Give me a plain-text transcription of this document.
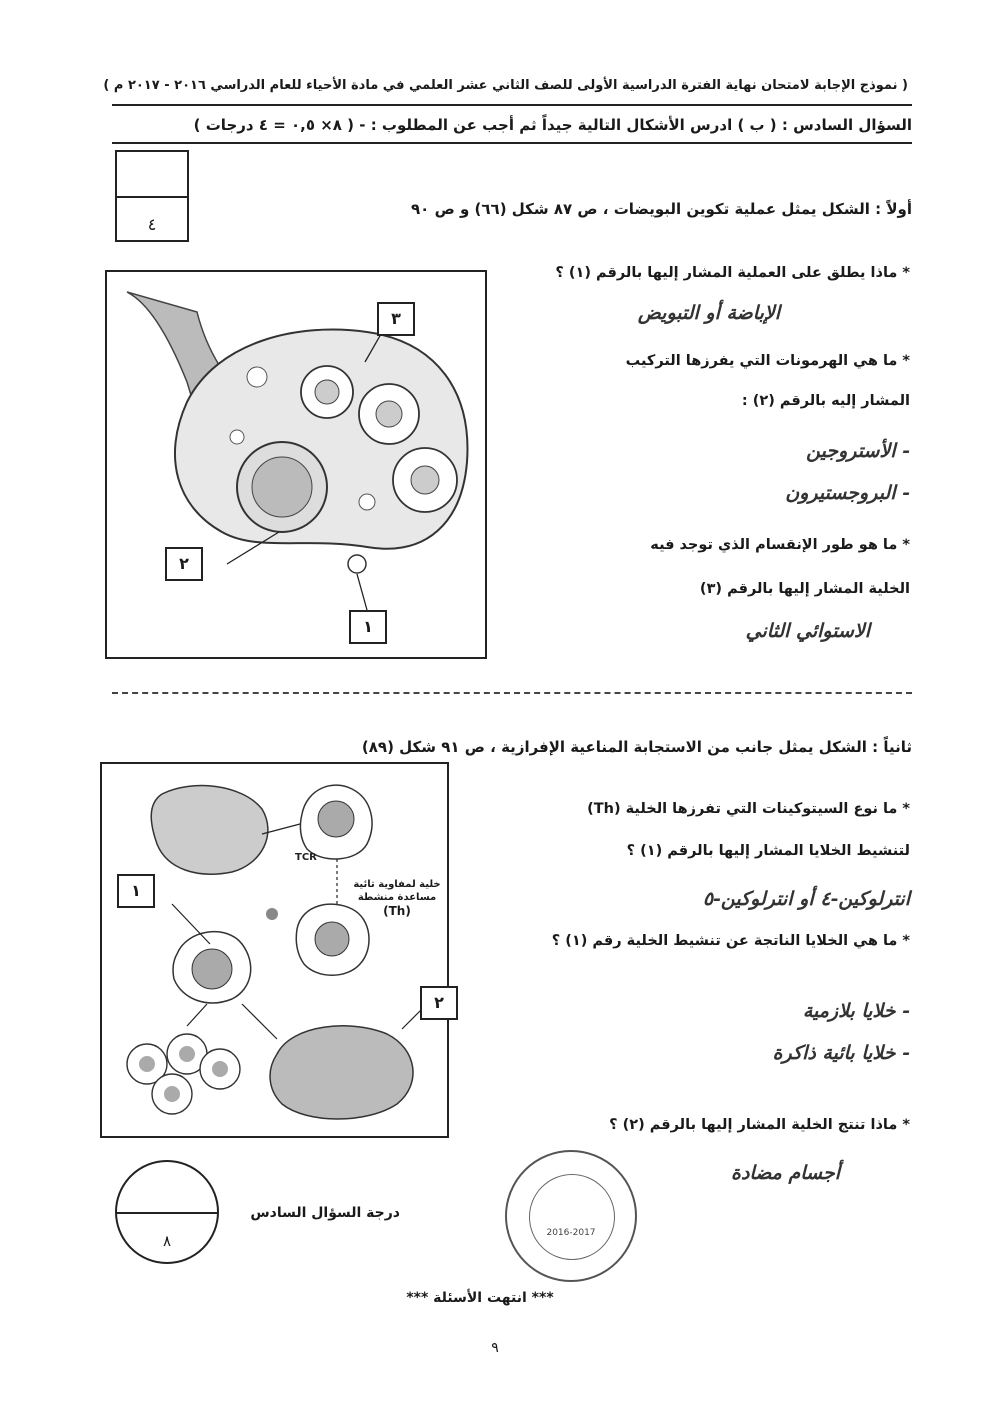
( نموذج الإجابة لامتحان نهاية الفترة الدراسية الأولى للصف الثاني عشر العلمي في مادة الأحياء للعام الدراسي ٢٠١٦ - ٢٠١٧ م )
السؤال السادس : ( ب ) ادرس الأشكال التالية جيداً ثم أجب عن المطلوب : - ( ٨× ٠,٥ = ٤ درجات )
٤
أولاً : الشكل يمثل عملية تكوين البويضات ، ص ٨٧ شكل (٦٦) و ص ٩٠
٣
٢
١
* ماذا يطلق على العملية المشار إليها بالرقم (١) ؟
الإباضة أو التبويض
* ما هي الهرمونات التي يفرزها التركيب
المشار إليه بالرقم (٢) :
- الأستروجين
- البروجستيرون
* ما هو طور الإنقسام الذي توجد فيه
الخلية المشار إليها بالرقم (٣)
الاستوائي الثاني
ثانياً : الشكل يمثل جانب من الاستجابة المناعية الإفرازية ، ص ٩١ شكل (٨٩)
TCR
١
٢
خلية لمفاوية تائية
مساعدة منشطة
(Th)
* ما نوع السيتوكينات التي تفرزها الخلية (Th)
لتنشيط الخلايا المشار إليها بالرقم (١) ؟
انترلوكين-٤ أو انترلوكين-٥
* ما هي الخلايا الناتجة عن تنشيط الخلية رقم (١) ؟
- خلايا بلازمية
- خلايا بائية ذاكرة
* ماذا تنتج الخلية المشار إليها بالرقم (٢) ؟
أجسام مضادة
٨
درجة السؤال السادس
2016-2017
*** انتهت الأسئلة ***
٩
